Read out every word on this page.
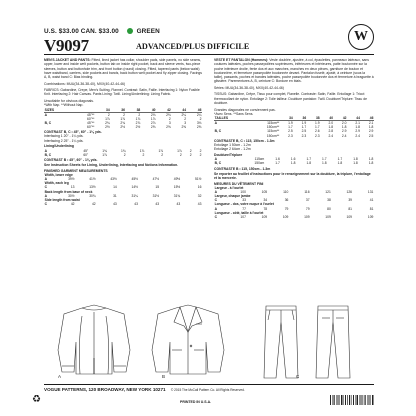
U.S. $33.00 CAN. $33.00	GREEN
V9097	ADVANCED/PLUS DIFFICILE
W
MEN'S JACKET AND PANTS: Fitted, lined jacket has collar, shoulder pads, side panels, no side seams, upper, lower and inside welt pockets, button tab on inside right pocket, back and sleeve vents, two-piece sleeves, button and buttonhole trim, and front button (round) closing. Fitted, tapered pants (below waist) have waistband, carriers, side pockets and bands, back button welt pocket and fly zipper closing. Facings A, B, waist band C: Bias binding.
Combinations: MUU(34-36-38-40), MXX(40-42-44-46)
FABRICS: Gabardine, Crepe, Men's Suiting, Flannel. Contrast: Satin, Faille. Interfacing 1: Nylon Fusible Knit. Interfacing 2: Hair Canvas. Pants Lining: Twill. Lining/Underlining: Lining Fabric.
Unsuitable for obvious diagonals.
*With Nap. **Without Nap.
SIZES		34	36	38	40	42	44	46
A	45"**	2	2	2	2⅛	2⅛	2¼	2¼
	60"**	1⅞	1⅞	1⅞	1⅞	2	2	2
B, C	45"**	2¾	2¾	2⅞	2⅞	3	3	3⅛
	60"**	2½	2½	2½	2⅝	2⅝	2⅝	2⅝
CONTRAST B, C • 45", 60" - 1⅛ yds.
Interfacing 1 20" - 1¼ yds.
Interfacing 2 25" - 1¼ yds.
Lining/Underlining
A	45"	1¾	1¾	1⅞	1⅞	1⅞	2	2
B, C	60"	1⅞	2	2	2	2	2	2
CONTRAST B • 45", 60" - 1⅛ yds.
See Instruction Sheets for Lining, Underlining, Interfacing and Notions Information.
FINISHED GARMENT MEASUREMENTS
Width, lower edge							
A	39½	41½	43½	45½	47½	49½	51½
Width, each leg							
C	13	13½	14	14½	15	15½	16
Back length from base of neck							
A	30½	30¾	31	31¼	31½	31¾	32
Side length from waist							
C	42	42	43	43	43	43	43
VESTE ET PANTALON (Hommes): Veste doublée, ajustée, à col, épaulettes, panneaux latéraux, sans coutures latérales, poches passepoilées supérieures, inférieures et intérieures, patte boutonnée sur la poche intérieure droite, fente dos et aux manches, manches en deux pièces, garniture de bouton et boutonnière, et fermeture passepoilée boutonnée devant. Pantalon fuselé, ajusté, à ceinture (sous la taille), passants, poches et bandes latérales, poche passepoilée boutonnée dos et fermeture à braguette à glissière. Parementures A, B, ceinture C: Bordure en biais.
Séries: MUU(34-36-38-40), MXX(40-42-44-46)
TISSUS: Gabardine, Crêpe, Tissu pour complet, Flanelle. Contraste: Satin, Faille. Entoilage 1: Tricot thermocollant de nylon. Entoilage 2: Toile tailleur. Doublure pantalon: Twill. Doublure/Triplure: Tissu de doublure.
Grandes diagonales ne conviennent pas.
*Avec Sens. **Sans Sens.
TAILLES		34	36	38	40	42	44	46
A	115cm**	1.9	1.9	1.9	2.0	2.0	2.1	2.1
	150cm**	1.7	1.7	1.7	1.8	1.8	1.8	1.8
B, C	115cm**	2.5	2.5	2.6	2.8	2.9	2.9	2.9
	150cm**	2.3	2.3	2.3	2.4	2.4	2.4	2.5
CONTRASTE B, C • 115, 150cm - 1.3m
Entoilage 1 50cm - 1.2m
Entoilage 2 64cm - 1.2m
Doublure/Triplure
A	115cm	1.6	1.6	1.7	1.7	1.7	1.8	1.8
B, C	150cm	1.7	1.8	1.8	1.8	1.8	1.8	1.8
CONTRASTE B • 115, 150cm - 1.3m
Se reporter au feuillet d'instructions pour le renseignement sur la doublure, la triplure, l'entoilage et la mercerie.
MESURES DU VÊTEMENT FINI
Largeur - à l'ourlet							
A	100	105	110	116	121	126	131
Largeur, chaque jambe							
C	33	34	36	37	38	39	41
Longueur - dos, votre nuque à l'ourlet							
A	77	78	79	79	80	81	81
Longueur - côté, taille à l'ourlet							
C	107	109	109	109	109	109	109
A	B	C
VOGUE PATTERNS, 120 BROADWAY, NEW YORK 10271 © 2015 The McCall Pattern Co. All Rights Reserved.
♻	PRINTED IN U.S.A.
